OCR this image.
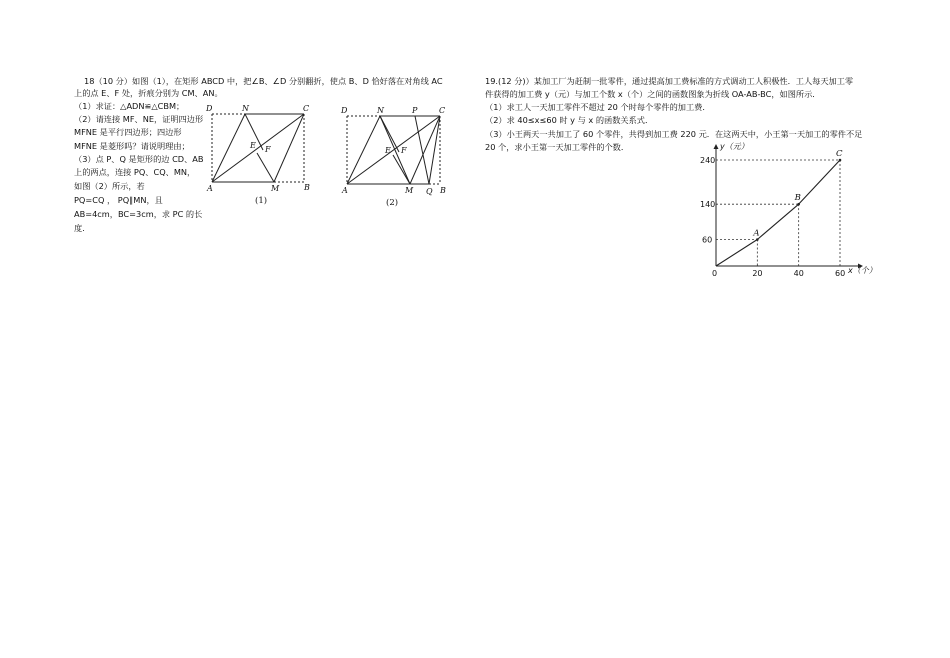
18（10 分）如图（1），在矩形 ABCD 中，把∠B、∠D 分别翻折，使点 B、D 恰好落在对角线 AC
上的点 E、F 处，折痕分别为 CM、AN。
（1）求证：△ADN≌△CBM；
（2）请连接 MF、NE，证明四边形
MFNE 是平行四边形；四边形
MFNE 是菱形吗？请说明理由；
（3）点 P、Q 是矩形的边 CD、AB
上的两点，连接 PQ、CQ、MN，
如图（2）所示，若
PQ=CQ ， PQ∥MN，且
AB=4cm，BC=3cm，求 PC 的长
度.
D	N	C
E F
A	M	B
(1)
D	N	P	C
E F
A	M Q B
(2)
19.(12 分)）某加工厂为赶制一批零件，通过提高加工费标准的方式调动工人积极性．工人每天加工零
件获得的加工费 y（元）与加工个数 x（个）之间的函数图象为折线 OA-AB-BC，如图所示．
（1）求工人一天加工零件不超过 20 个时每个零件的加工费．
（2）求 40≤x≤60 时 y 与 x 的函数关系式．
（3）小王两天一共加工了 60 个零件，共得到加工费 220 元．在这两天中，小王第一天加工的零件不足
20 个，求小王第一天加工零件的个数．	y（元）
x（个）
0
A
B
C
20	40	60
60
140
240
